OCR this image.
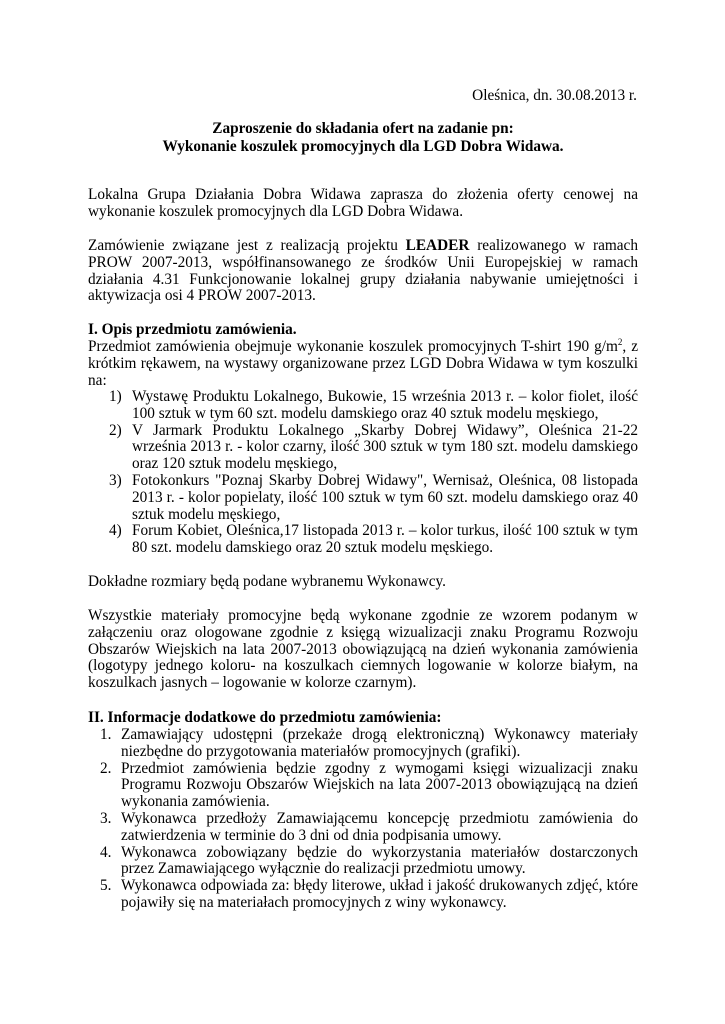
Oleśnica, dn. 30.08.2013 r.
Zaproszenie do składania ofert na zadanie pn:
Wykonanie koszulek promocyjnych dla LGD Dobra Widawa.

Lokalna Grupa Działania Dobra Widawa zaprasza do złożenia oferty cenowej na wykonanie koszulek promocyjnych dla LGD Dobra Widawa.

Zamówienie związane jest z realizacją projektu LEADER realizowanego w ramach PROW 2007-2013, współfinansowanego ze środków Unii Europejskiej w ramach działania 4.31 Funkcjonowanie lokalnej grupy działania nabywanie umiejętności i aktywizacja osi 4 PROW 2007-2013.

I. Opis przedmiotu zamówienia.

Przedmiot zamówienia obejmuje wykonanie koszulek promocyjnych T-shirt 190 $g/m^2$, z krótkim rękawem, na wystawy organizowane przez LGD Dobra Widawa w tym koszulki na:

1) Wystawę Produktu Lokalnego, Bukowie, 15 września 2013 r. – kolor fiolet, ilość 100 sztuk w tym 60 szt. modelu damskiego oraz 40 sztuk modelu męskiego,
2) V Jarmark Produktu Lokalnego „Skarby Dobrej Widawy”, Oleśnica 21-22 września 2013 r. - kolor czarny, ilość 300 sztuk w tym 180 szt. modelu damskiego oraz 120 sztuk modelu męskiego,
3) Fotokonkurs "Poznaj Skarby Dobrej Widawy", Wernisaż, Oleśnica, 08 listopada 2013 r. - kolor popielaty, ilość 100 sztuk w tym 60 szt. modelu damskiego oraz 40 sztuk modelu męskiego,
4) Forum Kobiet, Oleśnica,17 listopada 2013 r. – kolor turkus, ilość 100 sztuk w tym 80 szt. modelu damskiego oraz 20 sztuk modelu męskiego.

Dokładne rozmiary będą podane wybranemu Wykonawcy.

Wszystkie materiały promocyjne będą wykonane zgodnie ze wzorem podanym w załączeniu oraz ologowane zgodnie z księgą wizualizacji znaku Programu Rozwoju Obszarów Wiejskich na lata 2007-2013 obowiązującą na dzień wykonania zamówienia (logotypy jednego koloru- na koszulkach ciemnych logowanie w kolorze białym, na koszulkach jasnych – logowanie w kolorze czarnym).

II. Informacje dodatkowe do przedmiotu zamówienia:
1. Zamawiający udostępni (przekaże drogą elektroniczną) Wykonawcy materiały niezbędne do przygotowania materiałów promocyjnych (grafiki).
2. Przedmiot zamówienia będzie zgodny z wymogami księgi wizualizacji znaku Programu Rozwoju Obszarów Wiejskich na lata 2007-2013 obowiązującą na dzień wykonania zamówienia.
3. Wykonawca przedłoży Zamawiającemu koncepcję przedmiotu zamówienia do zatwierdzenia w terminie do 3 dni od dnia podpisania umowy.
4. Wykonawca zobowiązany będzie do wykorzystania materiałów dostarczonych przez Zamawiającego wyłącznie do realizacji przedmiotu umowy.
5. Wykonawca odpowiada za: błędy literowe, układ i jakość drukowanych zdjęć, które pojawiły się na materiałach promocyjnych z winy wykonawcy.
